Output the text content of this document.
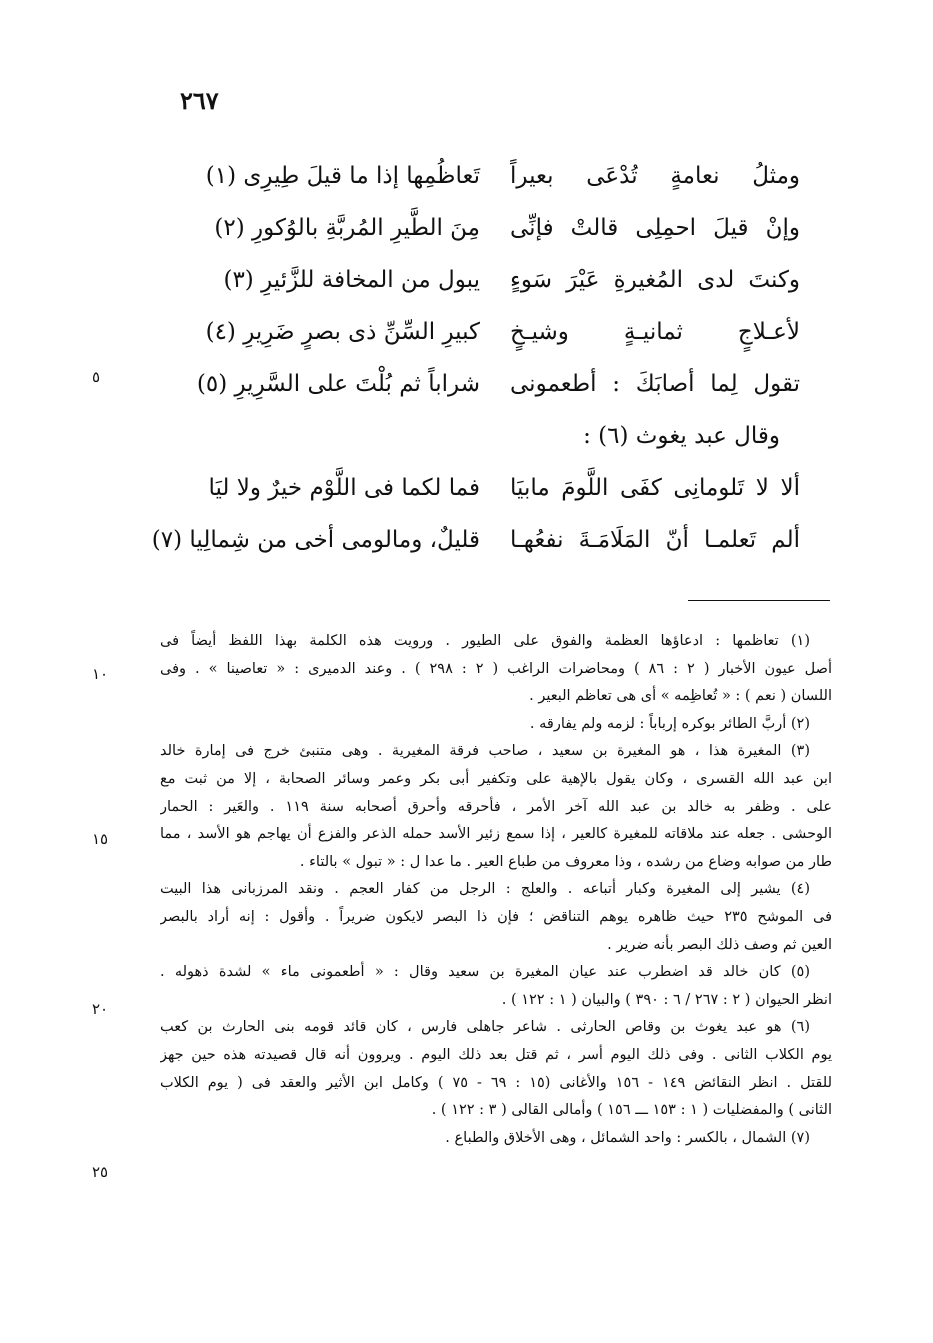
٢٦٧
ومثلُ نعامةٍ تُدْعَى بعيراً
تَعاظُمِها إذا ما قيلَ طِيرِى (١)
وإنْ قيلَ احمِلِى قالتْ فإنِّى
مِنَ الطَّيرِ المُربَّةِ بالوُكورِ (٢)
وكنتَ لدى المُغيرةِ عَيْرَ سَوءٍ
يبول من المخافة للزَّئيرِ (٣)
لأعـلاجٍ ثمانيـةٍ وشيـخٍ
كبيرِ السِّنِّ ذى بصرٍ ضَرِيرِ (٤)
تقول لِما أصابَكَ : أطعمونى
شراباً ثم بُلْتَ على السَّرِيرِ (٥)
وقال عبد يغوث (٦) :
ألا لا تَلومانِى كفَى اللَّومَ مابيَا
فما لكما فى اللَّوْم خيرٌ ولا ليَا
ألم تَعلمـا أنّ المَلَامَـةَ نفعُهـا
قليلٌ، ومالومى أخى من شِمالِيا (٧)
٥
١٠
١٥
٢٠
٢٥
(١) تعاظمها : ادعاؤها العظمة والفوق على الطيور . ورويت هذه الكلمة بهذا اللفظ أيضاً فى
أصل عيون الأخبار ( ٢ : ٨٦ ) ومحاضرات الراغب ( ٢ : ٢٩٨ ) . وعند الدميرى : « تعاصينا » . وفى
اللسان ( نعم ) : « تُعاظِمه » أى هى تعاظم البعير .
(٢) أربَّ الطائر بوكره إرباباً : لزمه ولم يفارقه .
(٣) المغيرة هذا ، هو المغيرة بن سعيد ، صاحب فرقة المغيرية . وهى متنبئ خرج فى إمارة خالد
ابن عبد الله القسرى ، وكان يقول بالإهية على وتكفير أبى بكر وعمر وسائر الصحابة ، إلا من ثبت مع
على . وظفر به خالد بن عبد الله آخر الأمر ، فأحرقه وأحرق أصحابه سنة ١١٩ . والعَير : الحمار
الوحشى . جعله عند ملاقاته للمغيرة كالعير ، إذا سمع زئير الأسد حمله الذعر والفزع أن يهاجم هو الأسد ، مما
طار من صوابه وضاع من رشده ، وذا معروف من طباع العير . ما عدا ل : « تبول » بالتاء .
(٤) يشير إلى المغيرة وكبار أتباعه . والعلج : الرجل من كفار العجم . ونقد المرزبانى هذا البيت
فى الموشح ٢٣٥ حيث ظاهره يوهم التناقض ؛ فإن ذا البصر لايكون ضريراً . وأقول : إنه أراد بالبصر
العين ثم وصف ذلك البصر بأنه ضرير .
(٥) كان خالد قد اضطرب عند عيان المغيرة بن سعيد وقال : « أطعمونى ماء » لشدة ذهوله .
انظر الحيوان ( ٢ : ٢٦٧ / ٦ : ٣٩٠ ) والبيان ( ١ : ١٢٢ ) .
(٦) هو عبد يغوث بن وقاص الحارثى . شاعر جاهلى فارس ، كان قائد قومه بنى الحارث بن كعب
يوم الكلاب الثانى . وفى ذلك اليوم أسر ، ثم قتل بعد ذلك اليوم . ويروون أنه قال قصيدته هذه حين جهز
للقتل . انظر النقائض ١٤٩ - ١٥٦ والأغانى (١٥ : ٦٩ - ٧٥ ) وكامل ابن الأثير والعقد فى ( يوم الكلاب
الثانى ) والمفضليات ( ١ : ١٥٣ ـــ ١٥٦ ) وأمالى القالى ( ٣ : ١٢٢ ) .
(٧) الشمال ، بالكسر : واحد الشمائل ، وهى الأخلاق والطباع .
